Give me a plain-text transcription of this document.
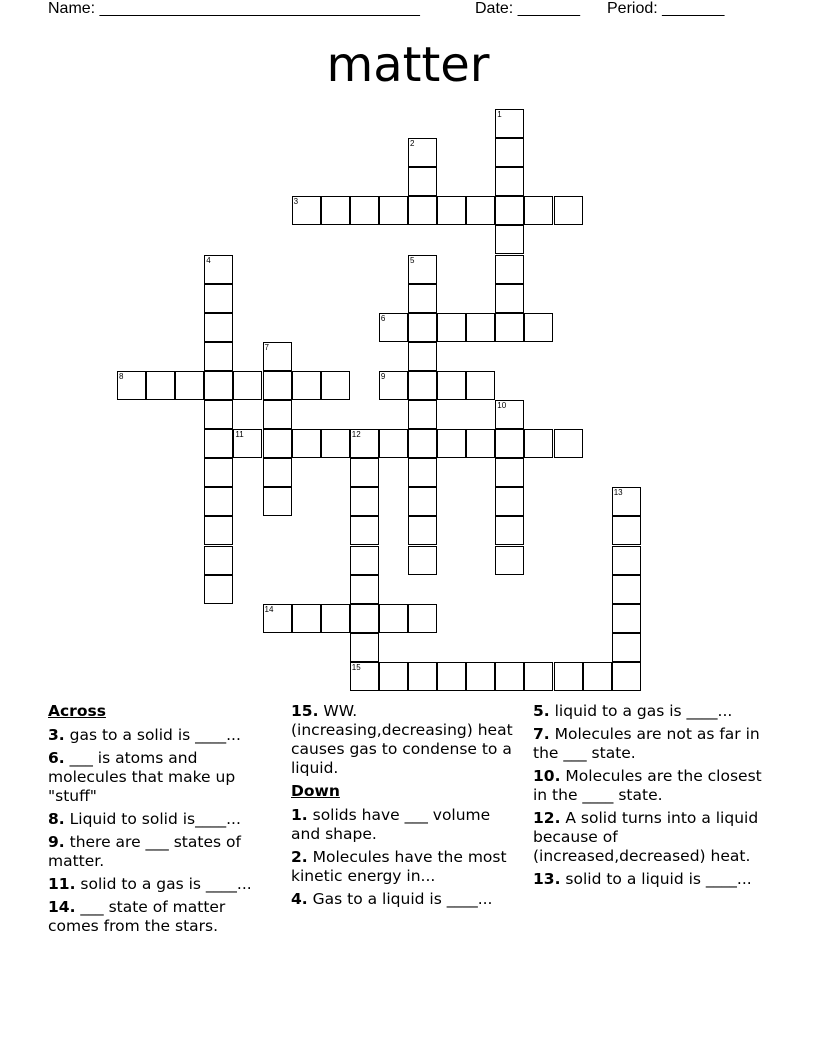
Name: ____________________________________	Date: _______ Period: _______
matter
1
2
3
4	5
6
7
8	9
10
11	12
13
14
15
Across
3. gas to a solid is ____...
6. ___ is atoms and molecules that make up "stuff"
8. Liquid to solid is____...
9. there are ___ states of matter.
11. solid to a gas is ____...
14. ___ state of matter comes from the stars.
15. WW. (increasing,decreasing) heat causes gas to condense to a liquid.
Down
1. solids have ___ volume and shape.
2. Molecules have the most kinetic energy in...
4. Gas to a liquid is ____...
5. liquid to a gas is ____...
7. Molecules are not as far in the ___ state.
10. Molecules are the closest in the ____ state.
12. A solid turns into a liquid because of (increased,decreased) heat.
13. solid to a liquid is ____...
